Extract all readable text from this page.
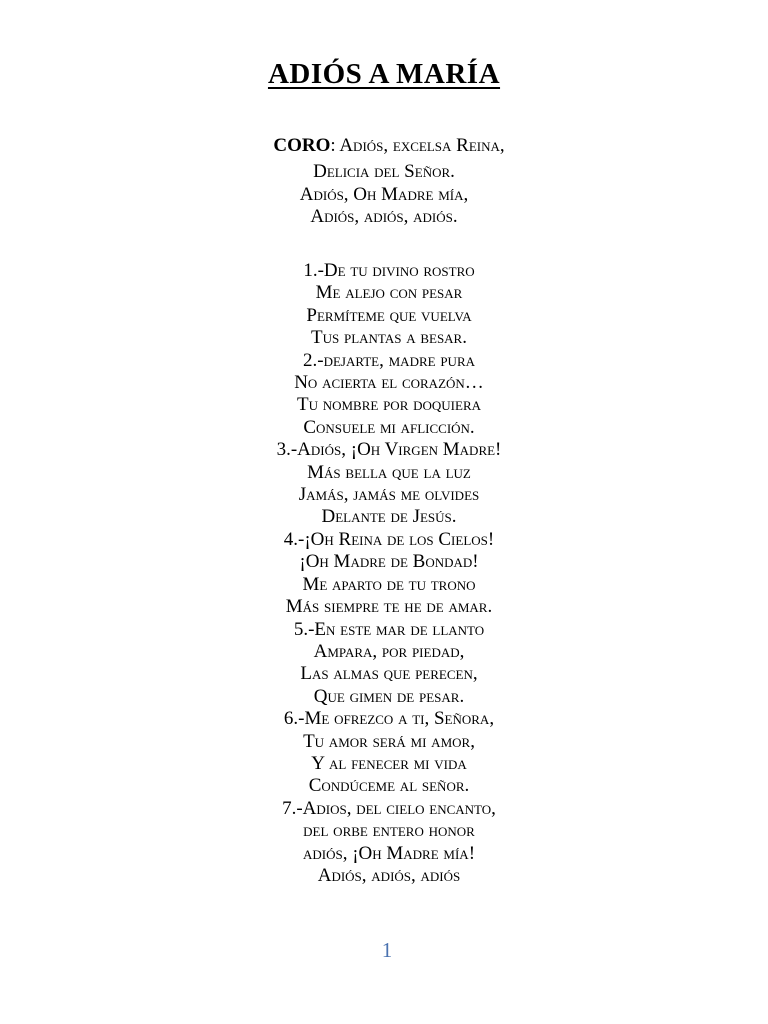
ADIÓS A MARÍA
CORO: Adiós, excelsa Reina,
Delicia del Señor.
Adiós, Oh Madre mía,
Adiós, adiós, adiós.
1.-De tu divino rostro
Me alejo con pesar
Permíteme que vuelva
Tus plantas a besar.
2.-dejarte, madre pura
No acierta el corazón…
Tu nombre por doquiera
Consuele mi aflicción.
3.-Adiós, ¡Oh Virgen Madre!
Más bella que la luz
Jamás, jamás me olvides
Delante de Jesús.
4.-¡Oh Reina de los Cielos!
¡Oh Madre de Bondad!
Me aparto de tu trono
Más siempre te he de amar.
5.-En este mar de llanto
Ampara, por piedad,
Las almas que perecen,
Que gimen de pesar.
6.-Me ofrezco a ti, Señora,
Tu amor será mi amor,
Y al fenecer mi vida
Condúceme al señor.
7.-Adios, del cielo encanto,
del orbe entero honor
adiós, ¡Oh Madre mía!
Adiós, adiós, adiós
1
